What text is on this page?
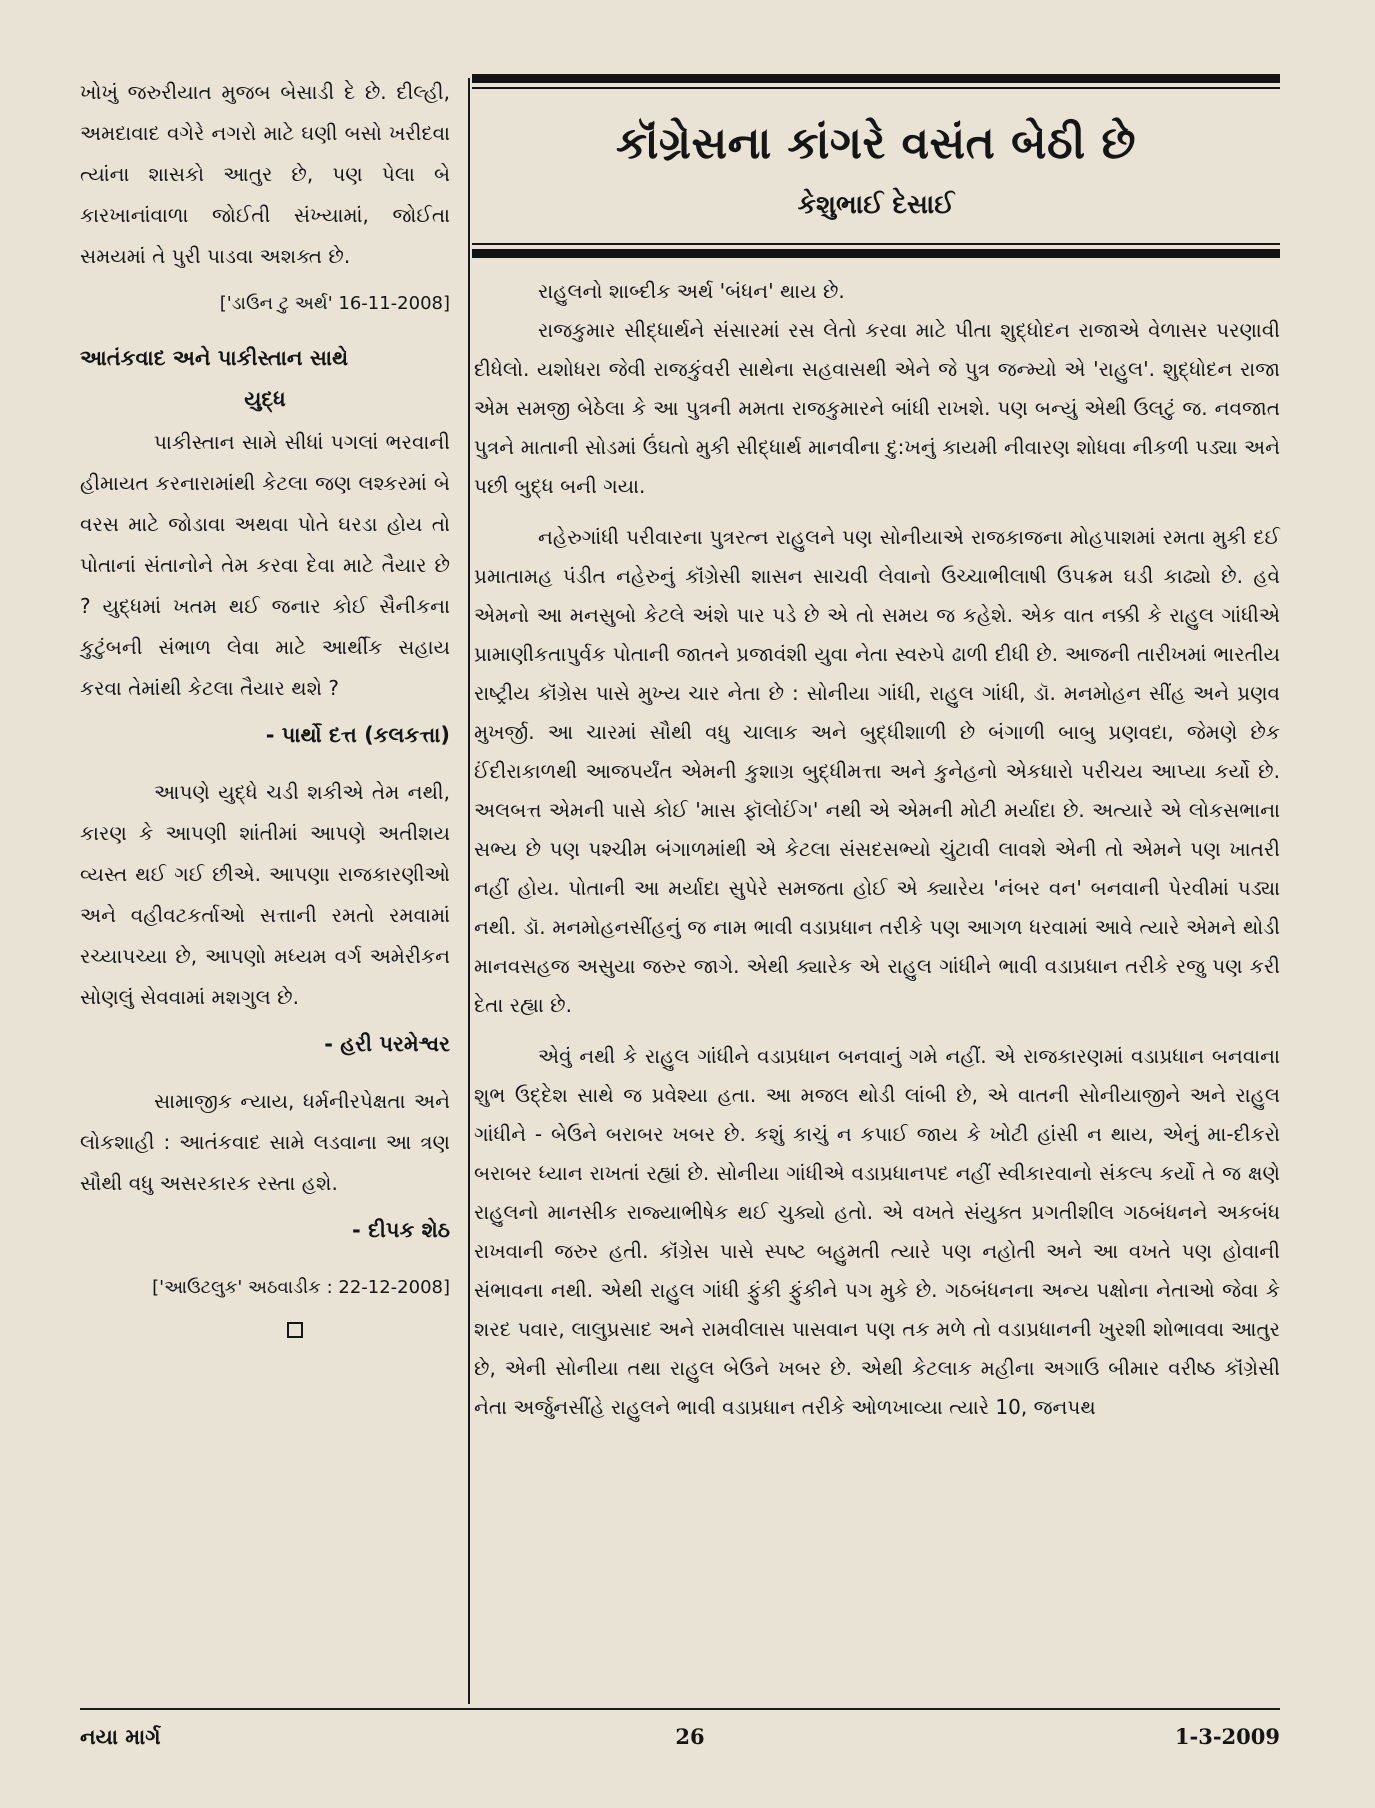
ખોખું જરુરીયાત મુજબ બેસાડી દે છે. દીલ્હી, અમદાવાદ વગેરે નગરો માટે ઘણી બસો ખરીદવા ત્યાંના શાસકો આતુર છે, પણ પેલા બે કારખાનાંવાળા જોઈતી સંખ્યામાં, જોઈતા સમયમાં તે પુરી પાડવા અશક્ત છે.

['ડાઉન ટુ અર્થ' 16-11-2008]

આતંકવાદ અને પાકીસ્તાન સાથે

યુદ્ધ

પાકીસ્તાન સામે સીધાં પગલાં ભરવાની હીમાયત કરનારામાંથી કેટલા જણ લશ્કરમાં બે વરસ માટે જોડાવા અથવા પોતે ઘરડા હોય તો પોતાનાં સંતાનોને તેમ કરવા દેવા માટે તૈયાર છે ? યુદ્ધમાં ખતમ થઈ જનાર કોઈ સૈનીકના કુટુંબની સંભાળ લેવા માટે આર્થીક સહાય કરવા તેમાંથી કેટલા તૈયાર થશે ?

- પાર્થો દત્ત (કલકત્તા)

આપણે યુદ્ધે ચડી શકીએ તેમ નથી, કારણ કે આપણી શાંતીમાં આપણે અતીશય વ્યસ્ત થઈ ગઈ છીએ. આપણા રાજકારણીઓ અને વહીવટકર્તાઓ સત્તાની રમતો રમવામાં રચ્યાપચ્યા છે, આપણો મધ્યમ વર્ગ અમેરીકન સોણલું સેવવામાં મશગુલ છે.

- હરી પરમેશ્વર

સામાજીક ન્યાય, ધર્મનીરપેક્ષતા અને લોકશાહી : આતંકવાદ સામે લડવાના આ ત્રણ સૌથી વધુ અસરકારક રસ્તા હશે.

- દીપક શેઠ

['આઉટલુક' અઠવાડીક : 22-12-2008]

કૉંગ્રેસના કાંગરે વસંત બેઠી છે
કેશુભાઈ દેસાઈ

રાહુલનો શાબ્દીક અર્થ 'બંધન' થાય છે.

રાજકુમાર સીદ્ધાર્થને સંસારમાં રસ લેતો કરવા માટે પીતા શુદ્ધોદન રાજાએ વેળાસર પરણાવી દીધેલો. યશોધરા જેવી રાજકુંવરી સાથેના સહવાસથી એને જે પુત્ર જન્મ્યો એ 'રાહુલ'. શુદ્ધોદન રાજા એમ સમજી બેઠેલા કે આ પુત્રની મમતા રાજકુમારને બાંધી રાખશે. પણ બન્યું એથી ઉલટું જ. નવજાત પુત્રને માતાની સોડમાં ઉંઘતો મુકી સીદ્ધાર્થ માનવીના દુ:ખનું કાયમી નીવારણ શોધવા નીકળી પડ્યા અને પછી બુદ્ધ બની ગયા.

નહેરુગાંધી પરીવારના પુત્રરત્ન રાહુલને પણ સોનીયાએ રાજકાજના મોહપાશમાં રમતા મુકી દઈ પ્રમાતામહ પંડીત નહેરુનું કૉંગ્રેસી શાસન સાચવી લેવાનો ઉચ્ચાભીલાષી ઉપક્રમ ઘડી કાઢ્યો છે. હવે એમનો આ મનસુબો કેટલે અંશે પાર પડે છે એ તો સમય જ કહેશે. એક વાત નક્કી કે રાહુલ ગાંધીએ પ્રામાણીકતાપુર્વક પોતાની જાતને પ્રજાવંશી યુવા નેતા સ્વરુપે ઢાળી દીધી છે. આજની તારીખમાં ભારતીય રાષ્ટ્રીય કૉંગ્રેસ પાસે મુખ્ય ચાર નેતા છે : સોનીયા ગાંધી, રાહુલ ગાંધી, ડૉ. મનમોહન સીંહ અને પ્રણવ મુખર્જી. આ ચારમાં સૌથી વધુ ચાલાક અને બુદ્ધીશાળી છે બંગાળી બાબુ પ્રણવદા, જેમણે છેક ઈંદીરાકાળથી આજપર્યંત એમની કુશાગ્ર બુદ્ધીમત્તા અને કુનેહનો એકધારો પરીચય આપ્યા કર્યો છે. અલબત્ત એમની પાસે કોઈ 'માસ ફૉલોઈંગ' નથી એ એમની મોટી મર્યાદા છે. અત્યારે એ લોકસભાના સભ્ય છે પણ પશ્ચીમ બંગાળમાંથી એ કેટલા સંસદસભ્યો ચુંટાવી લાવશે એની તો એમને પણ ખાતરી નહીં હોય. પોતાની આ મર્યાદા સુપેરે સમજતા હોઈ એ ક્યારેય 'નંબર વન' બનવાની પેરવીમાં પડ્યા નથી. ડૉ. મનમોહનસીંહનું જ નામ ભાવી વડાપ્રધાન તરીકે પણ આગળ ધરવામાં આવે ત્યારે એમને થોડી માનવસહજ અસુયા જરુર જાગે. એથી ક્યારેક એ રાહુલ ગાંધીને ભાવી વડાપ્રધાન તરીકે રજુ પણ કરી દેતા રહ્યા છે.

એવું નથી કે રાહુલ ગાંધીને વડાપ્રધાન બનવાનું ગમે નહીં. એ રાજકારણમાં વડાપ્રધાન બનવાના શુભ ઉદ્દેશ સાથે જ પ્રવેશ્યા હતા. આ મજલ થોડી લાંબી છે, એ વાતની સોનીયાજીને અને રાહુલ ગાંધીને - બેઉને બરાબર ખબર છે. કશું કાચું ન કપાઈ જાય કે ખોટી હાંસી ન થાય, એનું મા-દીકરો બરાબર ધ્યાન રાખતાં રહ્યાં છે. સોનીયા ગાંધીએ વડાપ્રધાનપદ નહીં સ્વીકારવાનો સંકલ્પ કર્યો તે જ ક્ષણે રાહુલનો માનસીક રાજ્યાભીષેક થઈ ચુક્યો હતો. એ વખતે સંયુક્ત પ્રગતીશીલ ગઠબંધનને અકબંધ રાખવાની જરુર હતી. કૉંગ્રેસ પાસે સ્પષ્ટ બહુમતી ત્યારે પણ નહોતી અને આ વખતે પણ હોવાની સંભાવના નથી. એથી રાહુલ ગાંધી ફુંકી ફુંકીને પગ મુકે છે. ગઠબંધનના અન્ય પક્ષોના નેતાઓ જેવા કે શરદ પવાર, લાલુપ્રસાદ અને રામવીલાસ પાસવાન પણ તક મળે તો વડાપ્રધાનની ખુરશી શોભાવવા આતુર છે, એની સોનીયા તથા રાહુલ બેઉને ખબર છે. એથી કેટલાક મહીના અગાઉ બીમાર વરીષ્ઠ કૉંગ્રેસી નેતા અર્જુનસીંહે રાહુલને ભાવી વડાપ્રધાન તરીકે ઓળખાવ્યા ત્યારે 10, જનપથ

નયા માર્ગ	26	1-3-2009
